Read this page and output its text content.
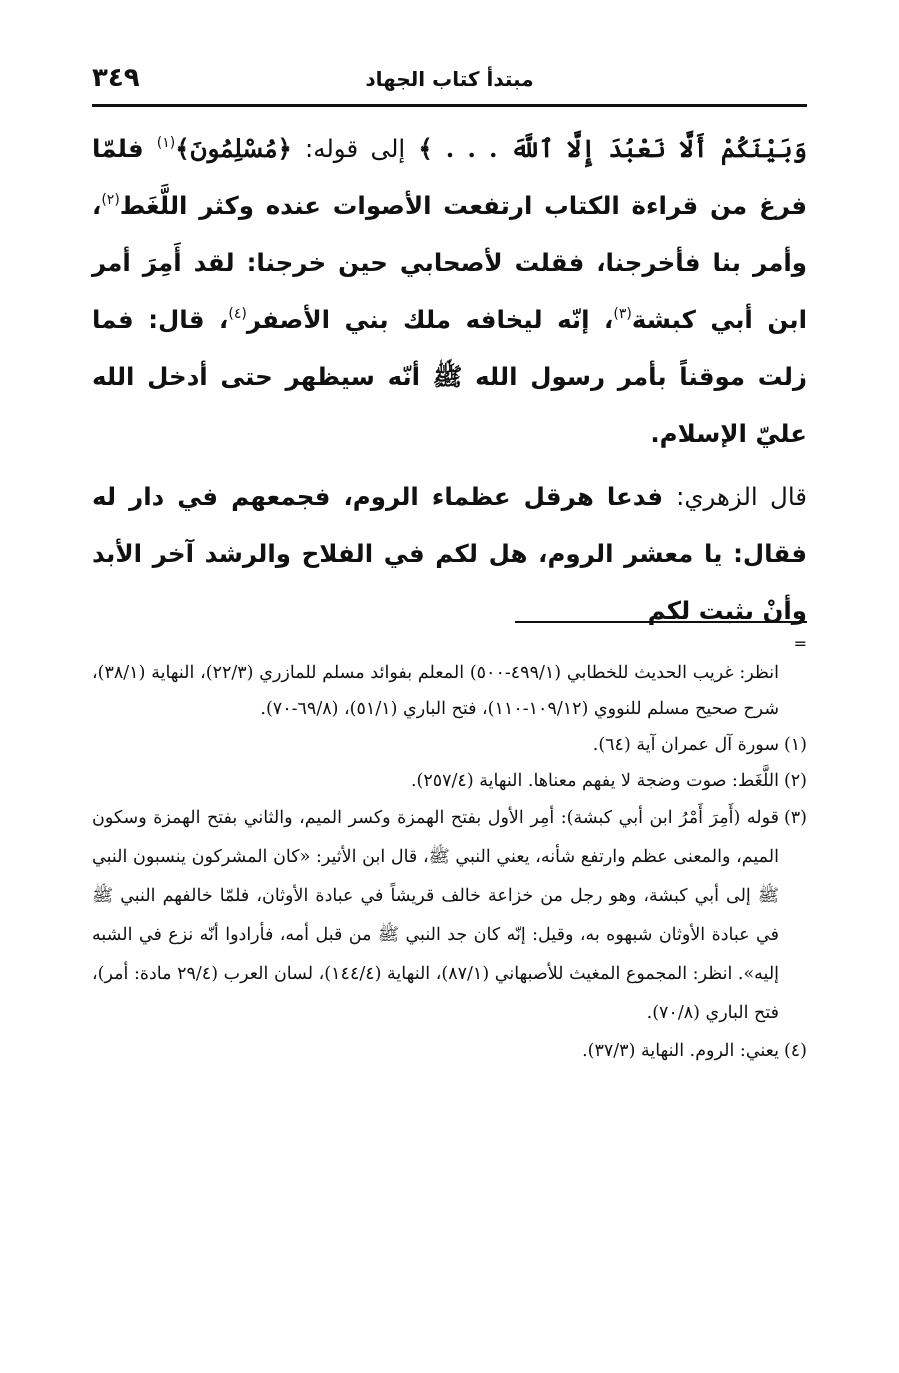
٣٤٩	مبتدأ كتاب الجهاد

وَبَيْنَكُمْ أَلَّا نَعْبُدَ إِلَّا ٱللَّهَ . . . ﴾ إلى قوله: ﴿مُسْلِمُونَ﴾$^{(١)}$ فلمّا فرغ من قراءة الكتاب ارتفعت الأصوات عنده وكثر اللَّغَط$^{(٢)}$، وأمر بنا فأخرجنا، فقلت لأصحابي حين خرجنا: لقد أَمِرَ أمر ابن أبي كبشة$^{(٣)}$، إنّه ليخافه ملك بني الأصفر$^{(٤)}$، قال: فما زلت موقناً بأمر رسول الله ﷺ أنّه سيظهر حتى أدخل الله عليّ الإسلام.

قال الزهري: فدعا هرقل عظماء الروم، فجمعهم في دار له فقال: يا معشر الروم، هل لكم في الفلاح والرشد آخر الأبد وأنْ يثبت لكم

=

انظر: غريب الحديث للخطابي (٤٩٩/١-٥٠٠) المعلم بفوائد مسلم للمازري (٢٢/٣)، النهاية (٣٨/١)، شرح صحيح مسلم للنووي (١٠٩/١٢-١١٠)، فتح الباري (٥١/١)، (٦٩/٨-٧٠).

(١)
سورة آل عمران آية (٦٤).

(٢)
اللَّغَط: صوت وضجة لا يفهم معناها. النهاية (٢٥٧/٤).

(٣)
قوله (أَمِرَ أَمْرُ ابن أبي كبشة): أمِر الأول بفتح الهمزة وكسر الميم، والثاني بفتح الهمزة وسكون الميم، والمعنى عظم وارتفع شأنه، يعني النبي ﷺ، قال ابن الأثير: «كان المشركون ينسبون النبي ﷺ إلى أبي كبشة، وهو رجل من خزاعة خالف قريشاً في عبادة الأوثان، فلمّا خالفهم النبي ﷺ في عبادة الأوثان شبهوه به، وقيل: إنّه كان جد النبي ﷺ من قبل أمه، فأرادوا أنّه نزع في الشبه إليه». انظر: المجموع المغيث للأصبهاني (٨٧/١)، النهاية (١٤٤/٤)، لسان العرب (٢٩/٤ مادة: أمر)، فتح الباري (٧٠/٨).

(٤)
يعني: الروم. النهاية (٣٧/٣).
